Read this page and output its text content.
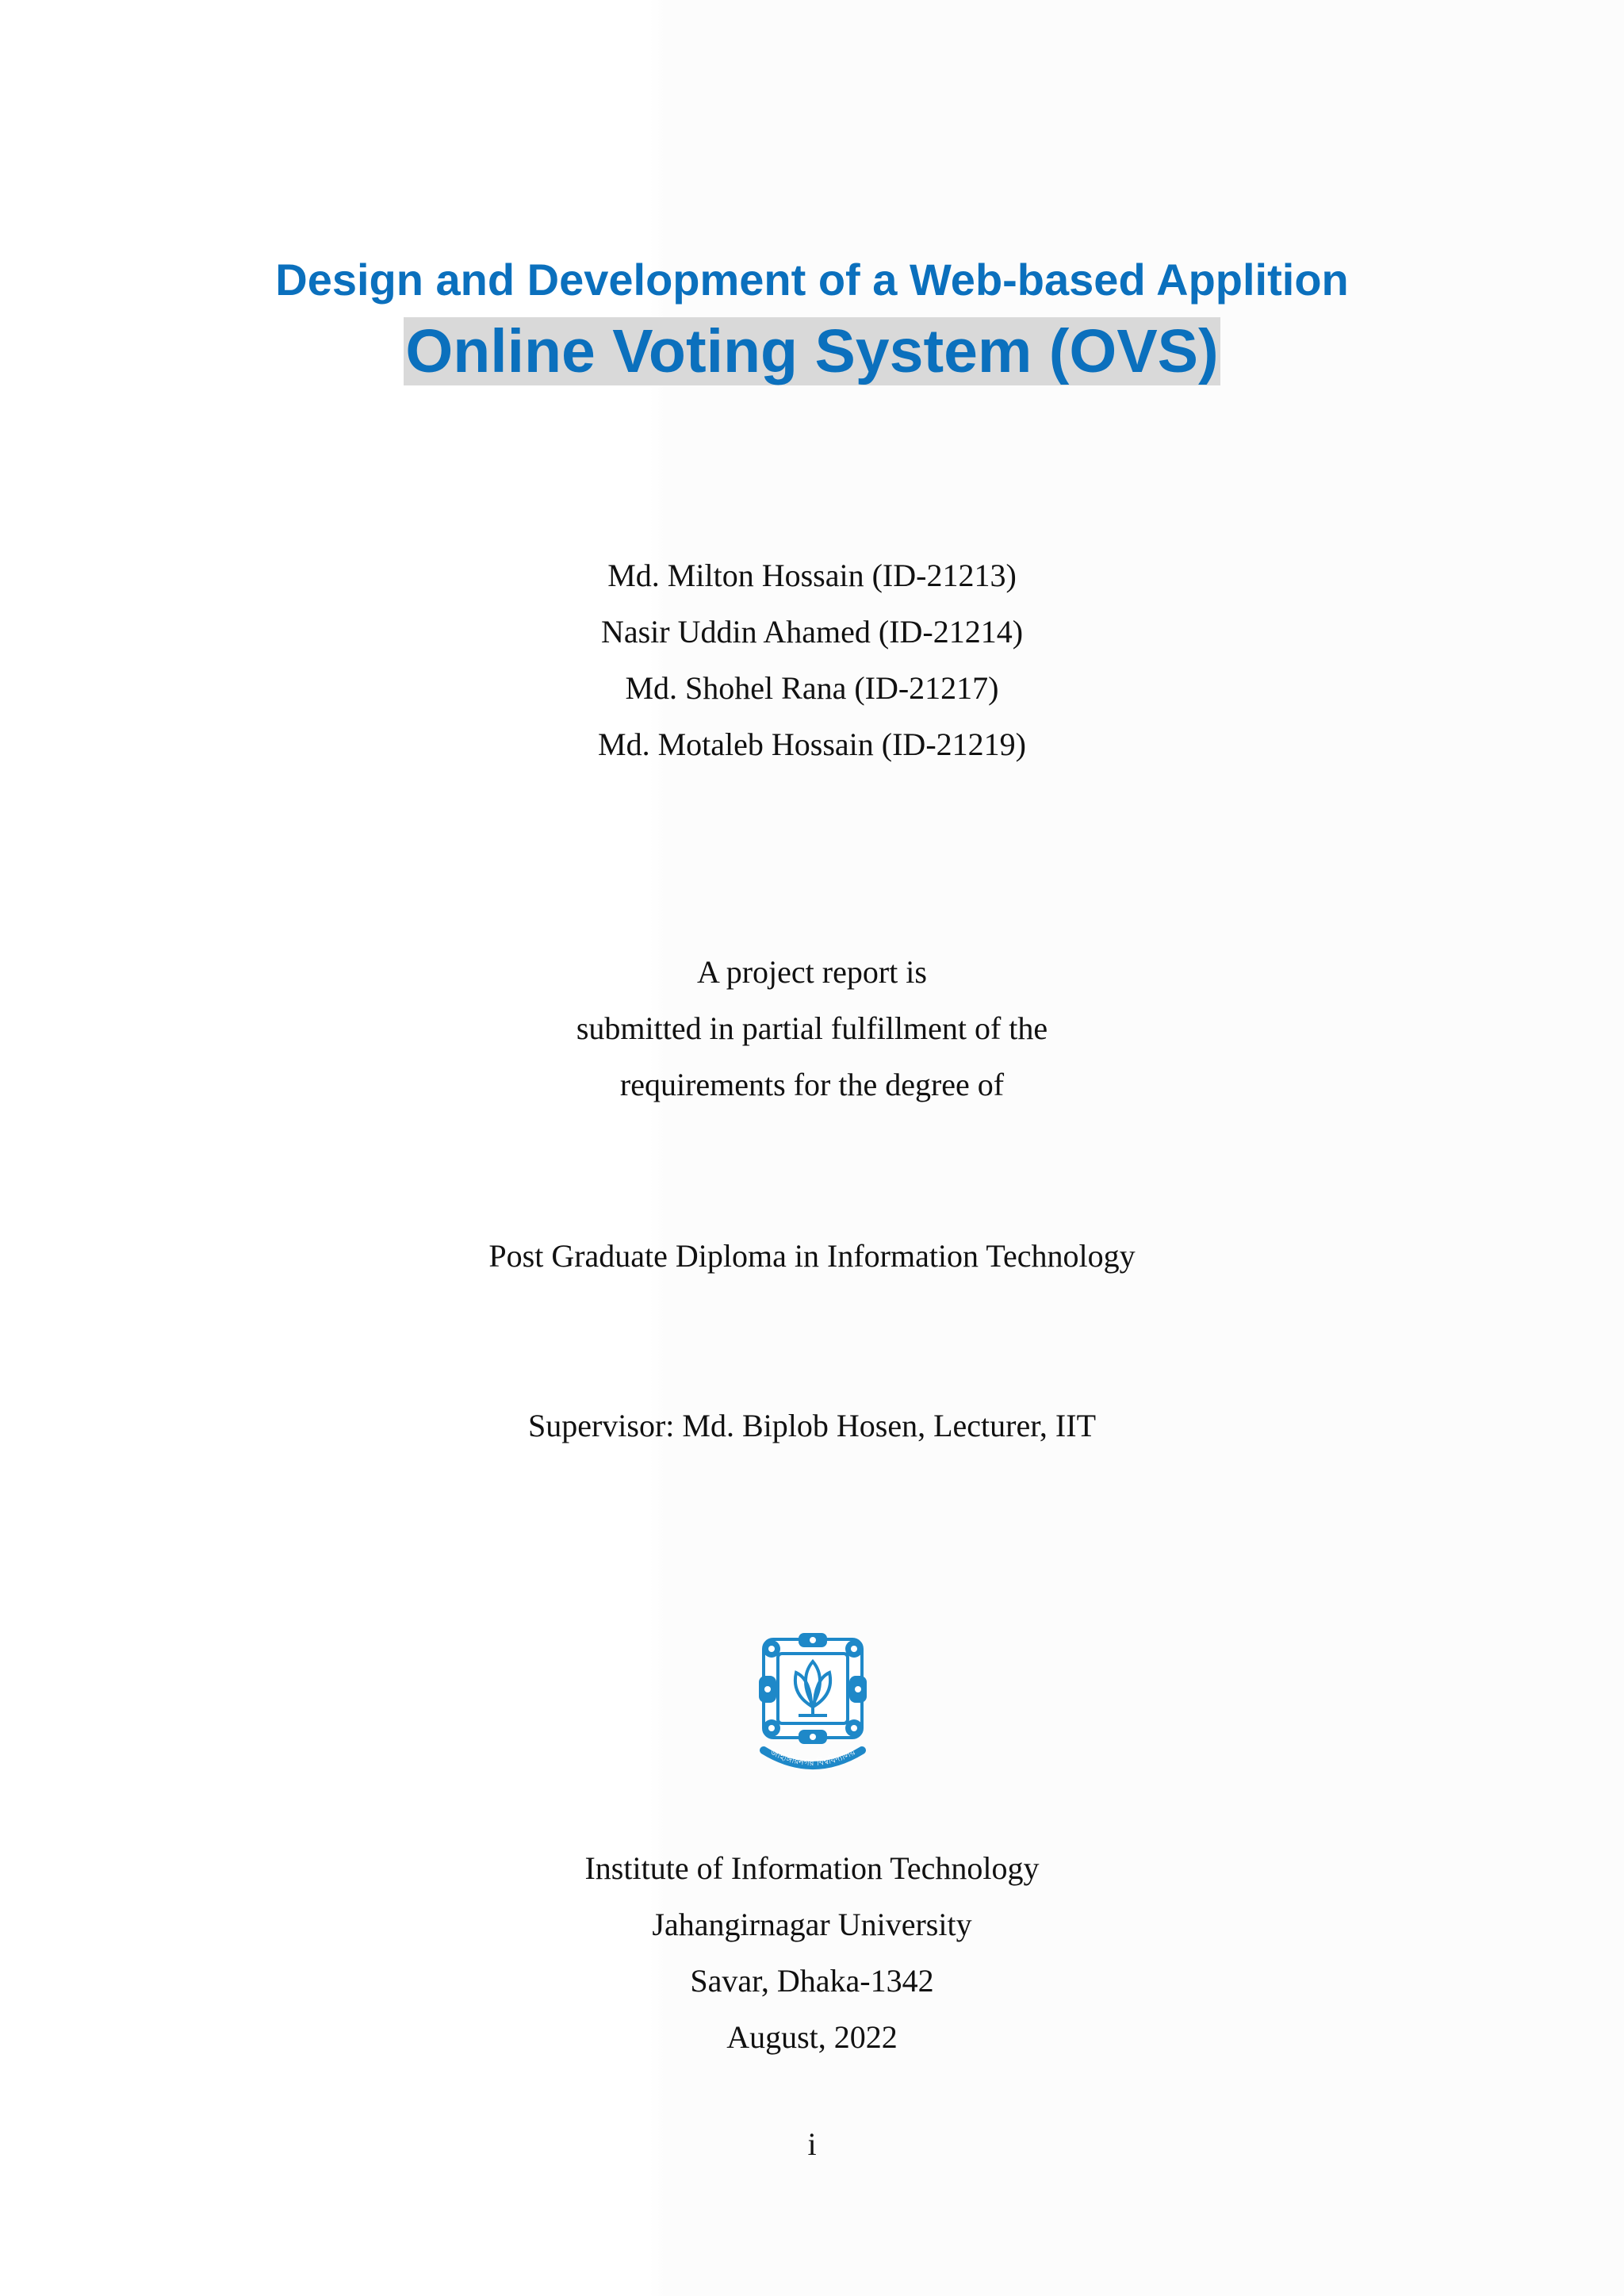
Design and Development of a Web-based Applition
Online Voting System (OVS)
Md. Milton Hossain (ID-21213)
Nasir Uddin Ahamed (ID-21214)
Md. Shohel Rana (ID-21217)
Md. Motaleb Hossain (ID-21219)
A project report is
submitted in partial fulfillment of the
requirements for the degree of
Post Graduate Diploma in Information Technology
Supervisor: Md. Biplob Hosen, Lecturer, IIT
জাহাঙ্গীরনগর বিশ্ববিদ্যালয়
Institute of Information Technology
Jahangirnagar University
Savar, Dhaka-1342
August, 2022
i
